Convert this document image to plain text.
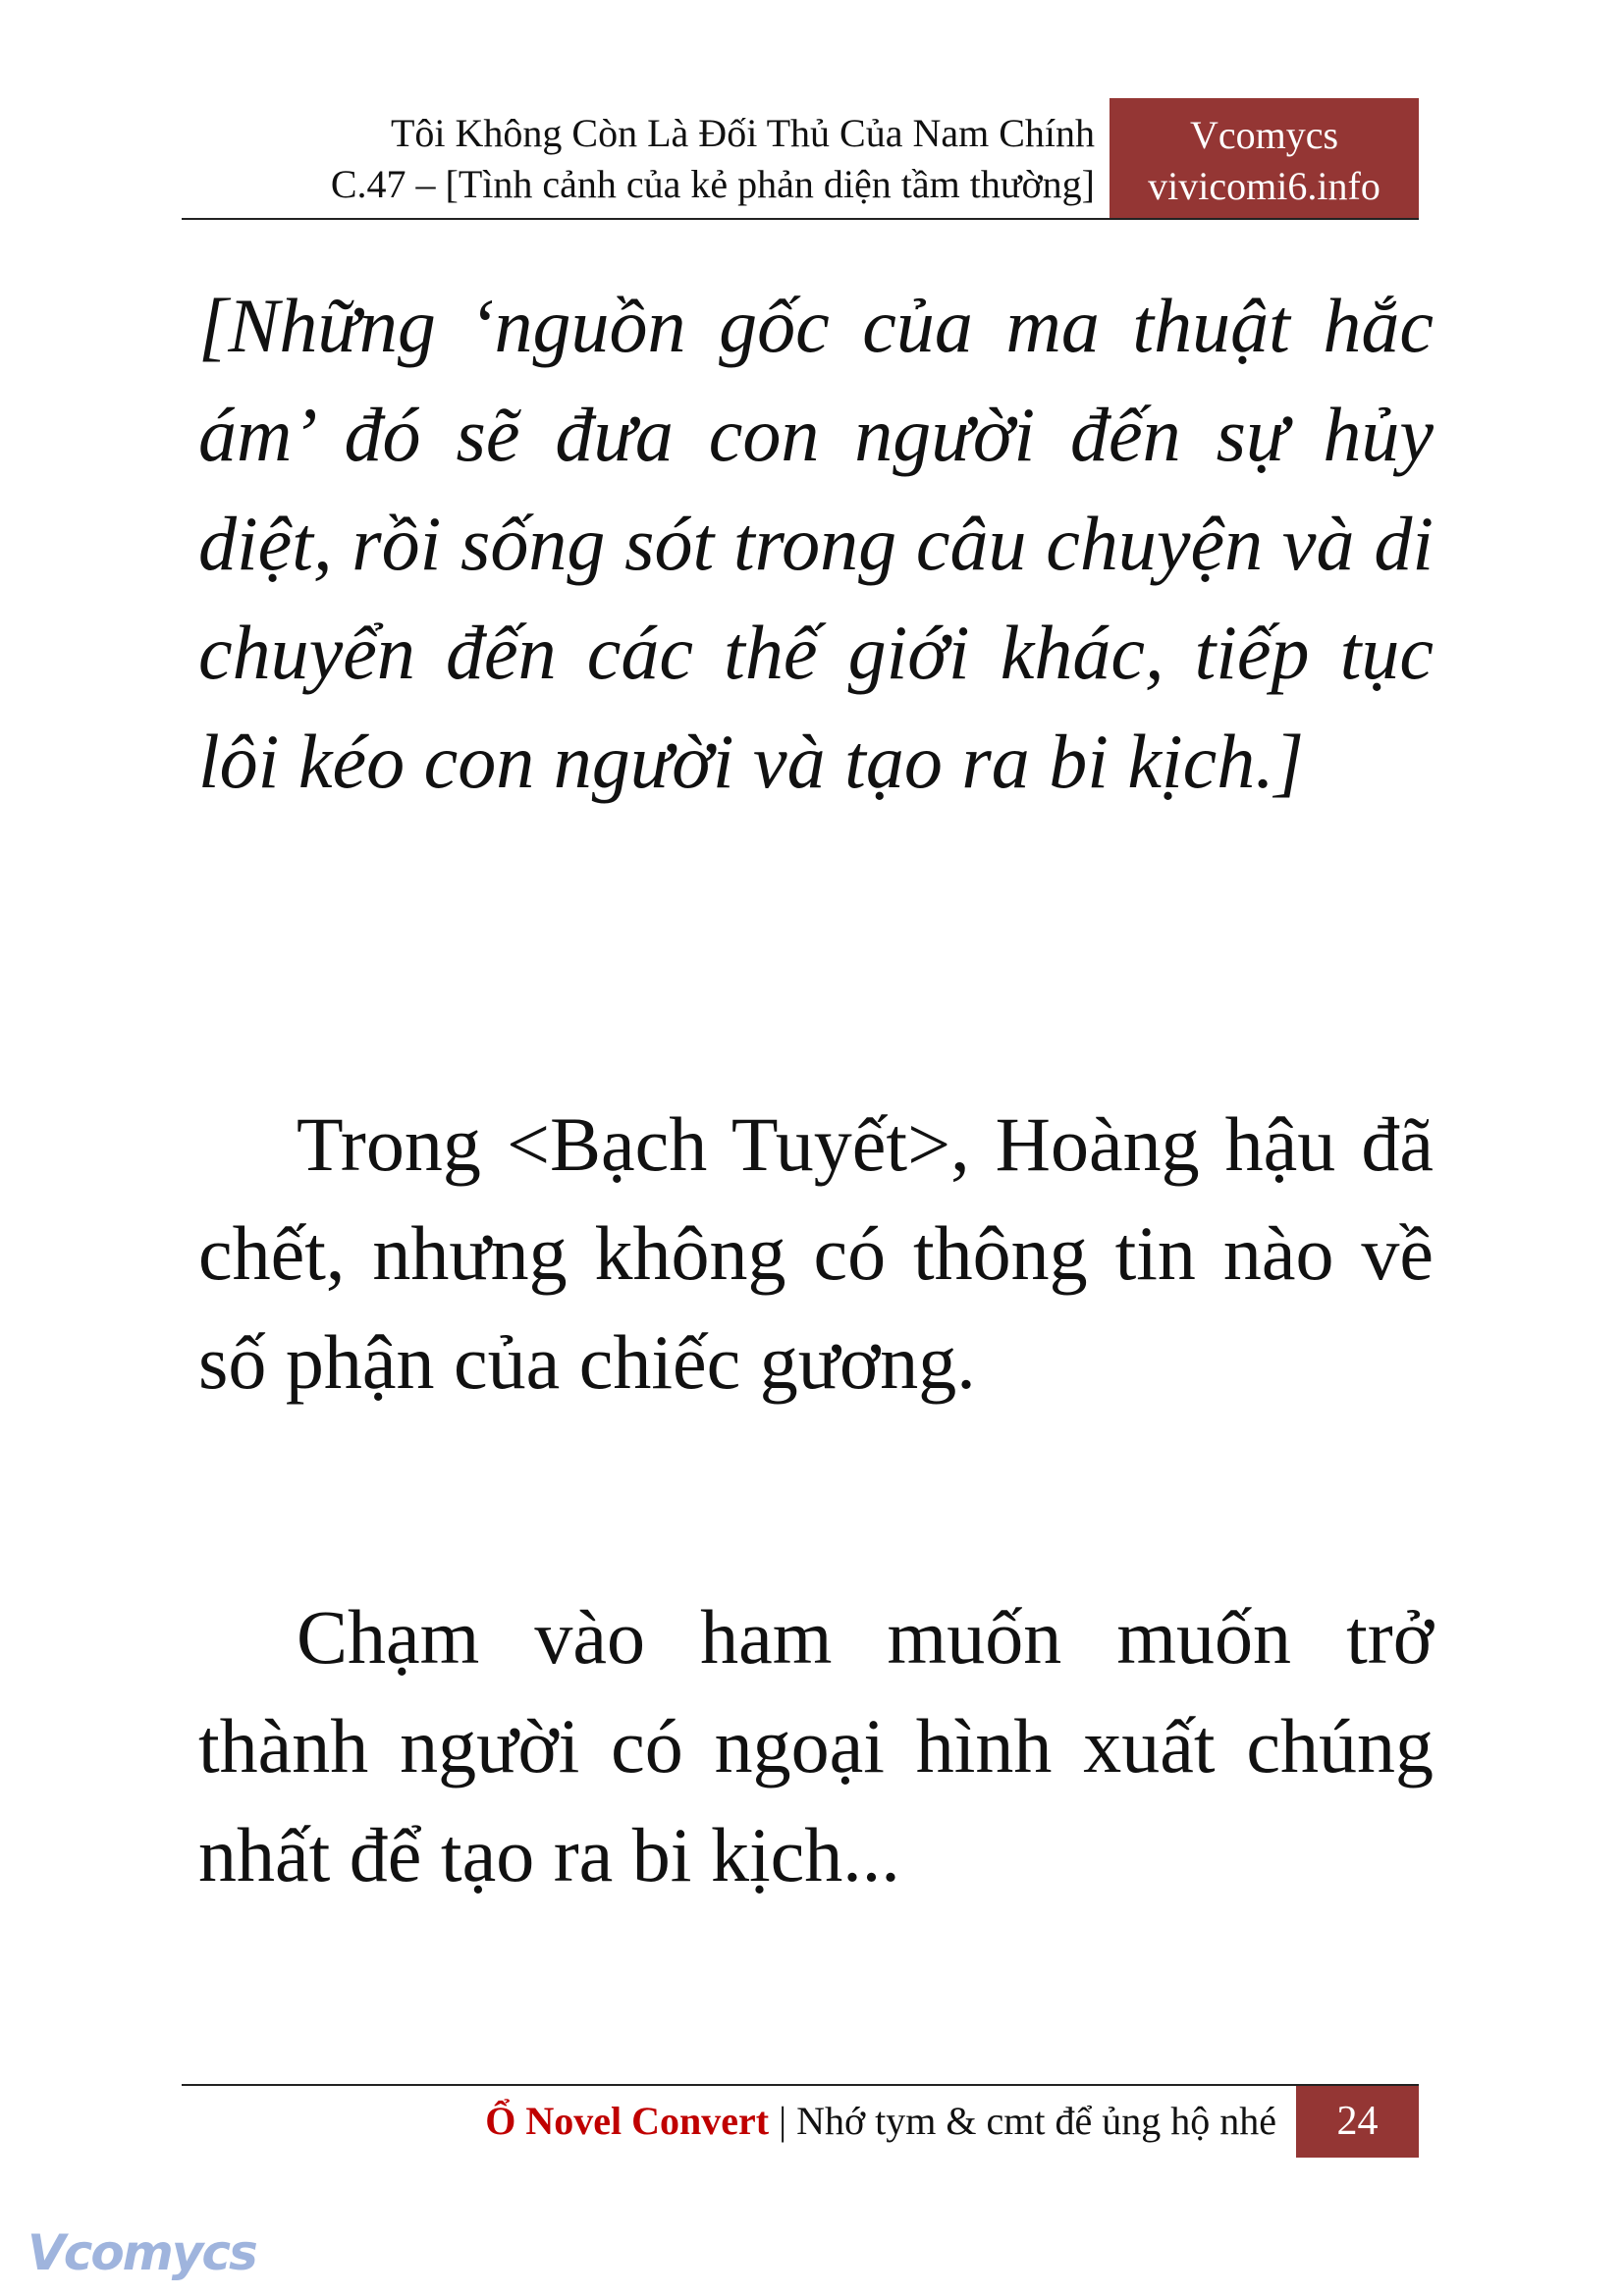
Tôi Không Còn Là Đối Thủ Của Nam Chính
C.47 – [Tình cảnh của kẻ phản diện tầm thường]
Vcomycs
vivicomi6.info

[Những ‘nguồn gốc của ma thuật hắc ám’ đó sẽ đưa con người đến sự hủy diệt, rồi sống sót trong câu chuyện và di chuyển đến các thế giới khác, tiếp tục lôi kéo con người và tạo ra bi kịch.]

Trong <Bạch Tuyết>, Hoàng hậu đã chết, nhưng không có thông tin nào về số phận của chiếc gương.

Chạm vào ham muốn muốn trở thành người có ngoại hình xuất chúng nhất để tạo ra bi kịch...

Ổ Novel Convert | Nhớ tym & cmt để ủng hộ nhé	24
Vcomycs
